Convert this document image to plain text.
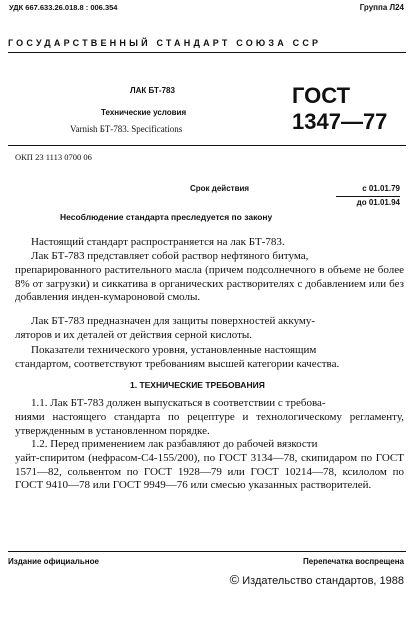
УДК 667.633.26.018.8 : 006.354	Группа Л24
ГОСУДАРСТВЕННЫЙ СТАНДАРТ СОЮЗА ССР
ЛАК БТ-783
Технические условия
Varnish БТ-783. Specifications
ГОСТ
1347—77
ОКП 23 1113 0700 06
Срок действия	с 01.01.79
до 01.01.94
Несоблюдение стандарта преследуется по закону
Настоящий стандарт распространяется на лак БТ-783.
Лак БТ-783 представляет собой раствор нефтяного битума,
препарированного растительного масла (причем подсолнечного в объеме не более 8% от загрузки) и сиккатива в органических растворителях с добавлением или без добавления инден-кумароновой смолы.
Лак БТ-783 предназначен для защиты поверхностей аккуму-
ляторов и их деталей от действия серной кислоты.
Показатели технического уровня, установленные настоящим
стандартом, соответствуют требованиям высшей категории качества.
1. ТЕХНИЧЕСКИЕ ТРЕБОВАНИЯ
1.1. Лак БТ-783 должен выпускаться в соответствии с требова-
ниями настоящего стандарта по рецептуре и технологическому регламенту, утвержденным в установленном порядке.
1.2. Перед применением лак разбавляют до рабочей вязкости
уайт-спиритом (нефрасом-С4-155/200), по ГОСТ 3134—78, скипидаром по ГОСТ 1571—82, сольвентом по ГОСТ 1928—79 или ГОСТ 10214—78, ксилолом по ГОСТ 9410—78 или ГОСТ 9949—76 или смесью указанных растворителей.
Издание официальное	Перепечатка воспрещена
© Издательство стандартов, 1988
